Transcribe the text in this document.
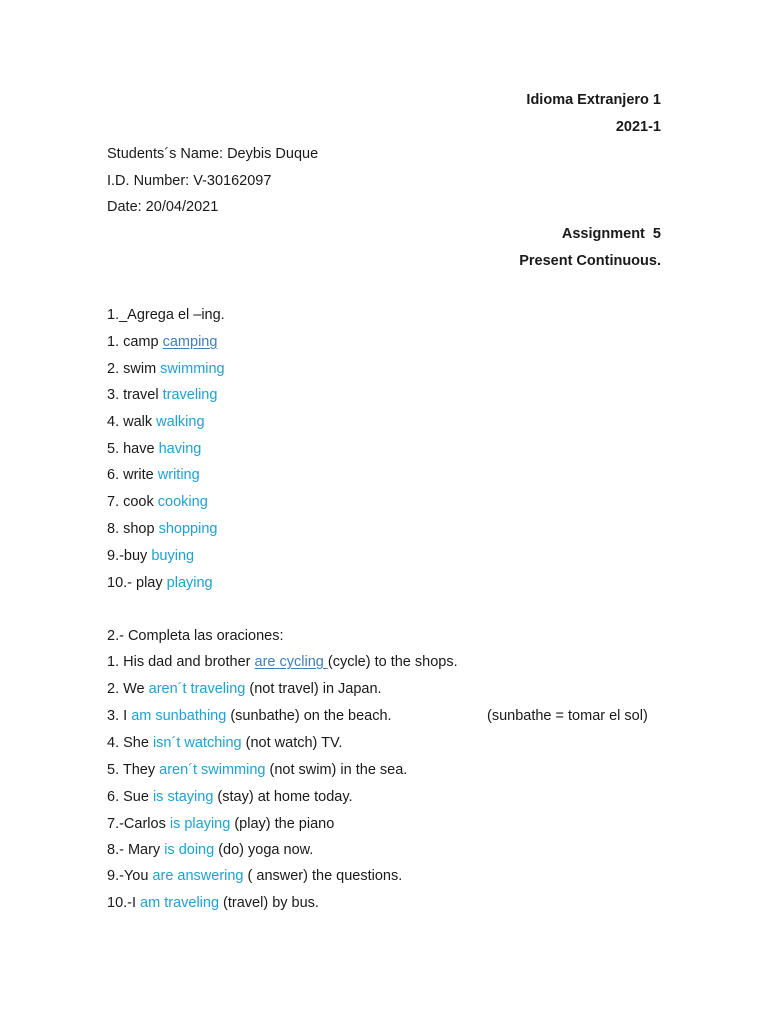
Idioma Extranjero 1
2021-1
Students´s Name: Deybis Duque
I.D. Number: V-30162097
Date: 20/04/2021
Assignment  5
Present Continuous.
1._Agrega el –ing.
1. camp camping
2. swim swimming
3. travel traveling
4. walk walking
5. have having
6. write writing
7. cook cooking
8. shop shopping
9.-buy buying
10.- play playing
2.- Completa las oraciones:
1. His dad and brother are cycling (cycle) to the shops.
2. We aren´t traveling (not travel) in Japan.
3. I am sunbathing (sunbathe) on the beach.	(sunbathe = tomar el sol)
4. She isn´t watching (not watch) TV.
5. They aren´t swimming (not swim) in the sea.
6. Sue is staying (stay) at home today.
7.-Carlos is playing (play) the piano
8.- Mary is doing (do) yoga now.
9.-You are answering ( answer) the questions.
10.-I am traveling (travel) by bus.
